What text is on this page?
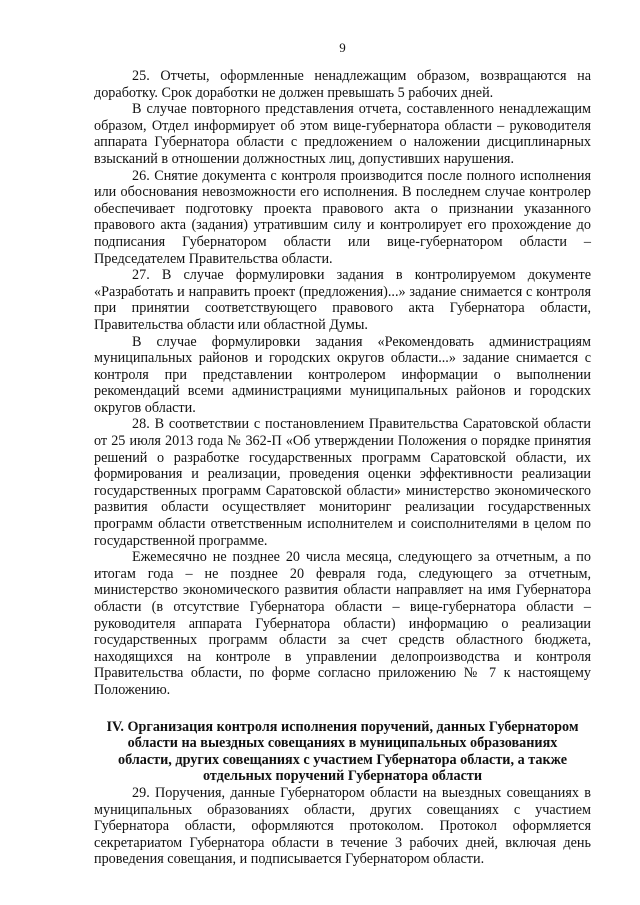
9

25. Отчеты, оформленные ненадлежащим образом, возвращаются на доработку. Срок доработки не должен превышать 5 рабочих дней.

В случае повторного представления отчета, составленного ненадлежащим образом, Отдел информирует об этом вице-губернатора области – руководителя аппарата Губернатора области с предложением о наложении дисциплинарных взысканий в отношении должностных лиц, допустивших нарушения.

26. Снятие документа с контроля производится после полного исполнения или обоснования невозможности его исполнения. В последнем случае контролер обеспечивает подготовку проекта правового акта о признании указанного правового акта (задания) утратившим силу и контролирует его прохождение до подписания Губернатором области или вице-губернатором области – Председателем Правительства области.

27. В случае формулировки задания в контролируемом документе «Разработать и направить проект (предложения)...» задание снимается с контроля при принятии соответствующего правового акта Губернатора области, Правительства области или областной Думы.

В случае формулировки задания «Рекомендовать администрациям муниципальных районов и городских округов области...» задание снимается с контроля при представлении контролером информации о выполнении рекомендаций всеми администрациями муниципальных районов и городских округов области.

28. В соответствии с постановлением Правительства Саратовской области от 25 июля 2013 года № 362-П «Об утверждении Положения о порядке принятия решений о разработке государственных программ Саратовской области, их формирования и реализации, проведения оценки эффективности реализации государственных программ Саратовской области» министерство экономического развития области осуществляет мониторинг реализации государственных программ области ответственным исполнителем и соисполнителями в целом по государственной программе.

Ежемесячно не позднее 20 числа месяца, следующего за отчетным, а по итогам года – не позднее 20 февраля года, следующего за отчетным, министерство экономического развития области направляет на имя Губернатора области (в отсутствие Губернатора области – вице-губернатора области – руководителя аппарата Губернатора области) информацию о реализации государственных программ области за счет средств областного бюджета, находящихся на контроле в управлении делопроизводства и контроля Правительства области, по форме согласно приложению № 7 к настоящему Положению.

IV. Организация контроля исполнения поручений, данных Губернатором области на выездных совещаниях в муниципальных образованиях области, других совещаниях с участием Губернатора области, а также отдельных поручений Губернатора области

29. Поручения, данные Губернатором области на выездных совещаниях в муниципальных образованиях области, других совещаниях с участием Губернатора области, оформляются протоколом. Протокол оформляется секретариатом Губернатора области в течение 3 рабочих дней, включая день проведения совещания, и подписывается Губернатором области.
